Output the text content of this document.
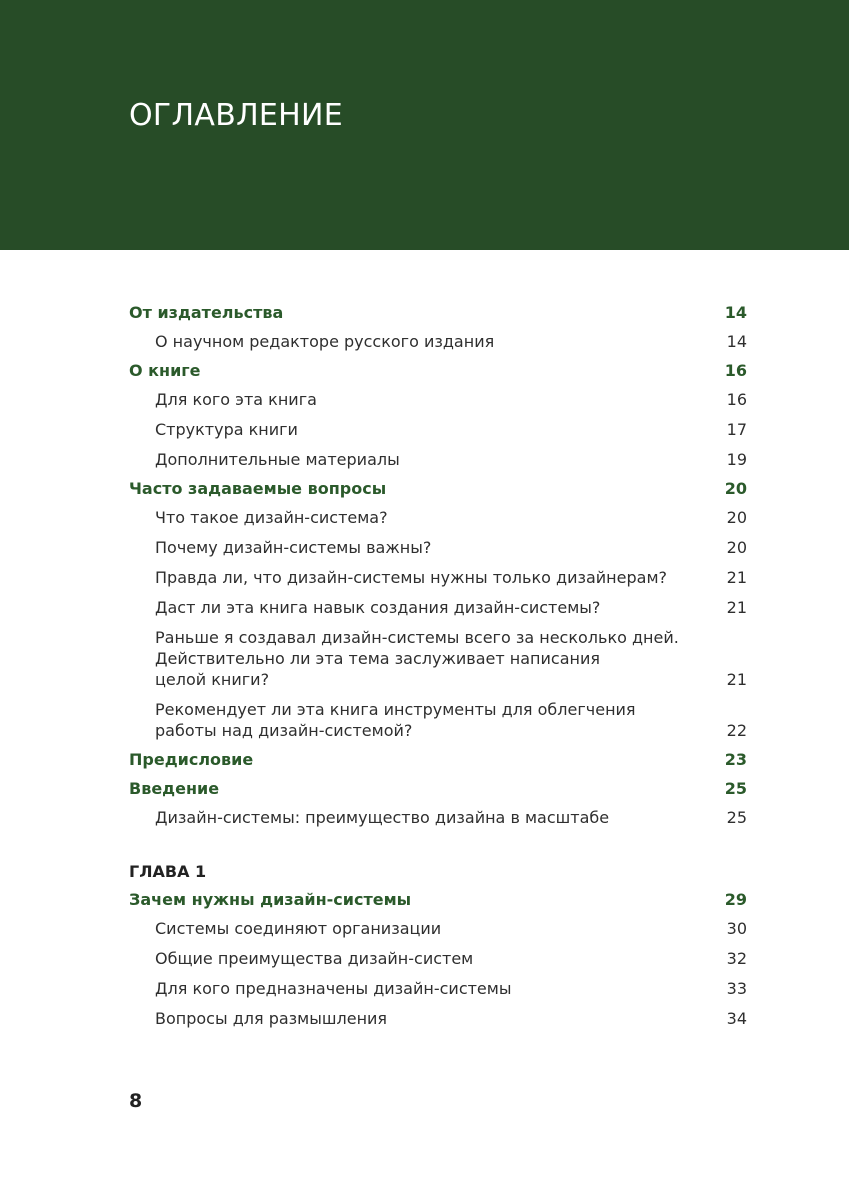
ОГЛАВЛЕНИЕ
От издательства	14
О научном редакторе русского издания	14
О книге	16
Для кого эта книга	16
Структура книги	17
Дополнительные материалы	19
Часто задаваемые вопросы	20
Что такое дизайн-система?	20
Почему дизайн-системы важны?	20
Правда ли, что дизайн-системы нужны только дизайнерам?	21
Даст ли эта книга навык создания дизайн-системы?	21
Раньше я создавал дизайн-системы всего за несколько дней.
Действительно ли эта тема заслуживает написания
целой книги?	21
Рекомендует ли эта книга инструменты для облегчения
работы над дизайн-системой?	22
Предисловие	23
Введение	25
Дизайн-системы: преимущество дизайна в масштабе	25
ГЛАВА 1
Зачем нужны дизайн-системы	29
Системы соединяют организации	30
Общие преимущества дизайн-систем	32
Для кого предназначены дизайн-системы	33
Вопросы для размышления	34
8
